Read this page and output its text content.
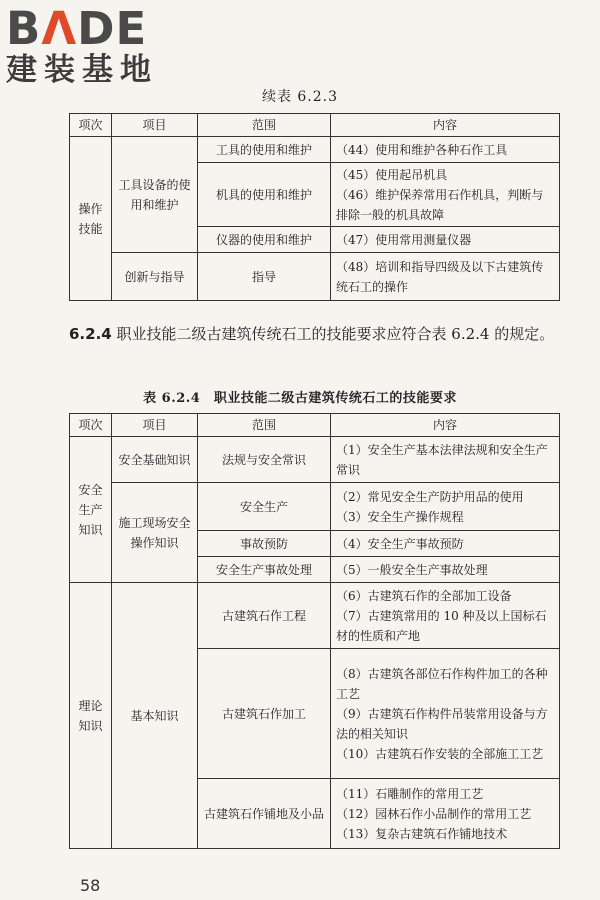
BΛDE
建装基地
续表 6.2.3
项次	项目	范围	内容
操作技能	工具设备的使用和维护	工具的使用和维护	（44）使用和维护各种石作工具

		机具的使用和维护	（45）使用起吊机具
（46）维护保养常用石作机具，判断与排除一般的机具故障

		仪器的使用和维护	（47）使用常用测量仪器

	创新与指导	指导	（48）培训和指导四级及以下古建筑传统石工的操作
6.2.4 职业技能二级古建筑传统石工的技能要求应符合表 6.2.4 的规定。
表 6.2.4　职业技能二级古建筑传统石工的技能要求
项次	项目	范围	内容
安全生产知识	安全基础知识	法规与安全常识	（1）安全生产基本法律法规和安全生产常识

	施工现场安全操作知识	安全生产	（2）常见安全生产防护用品的使用
（3）安全生产操作规程

		事故预防	（4）安全生产事故预防

		安全生产事故处理	（5）一般安全生产事故处理

理论知识	基本知识	古建筑石作工程	（6）古建筑石作的全部加工设备
（7）古建筑常用的 10 种及以上国标石材的性质和产地

		古建筑石作加工	（8）古建筑各部位石作构件加工的各种工艺
（9）古建筑石作构件吊装常用设备与方法的相关知识
（10）古建筑石作安装的全部施工工艺

		古建筑石作铺地及小品	（11）石雕制作的常用工艺
（12）园林石作小品制作的常用工艺
（13）复杂古建筑石作铺地技术
58
